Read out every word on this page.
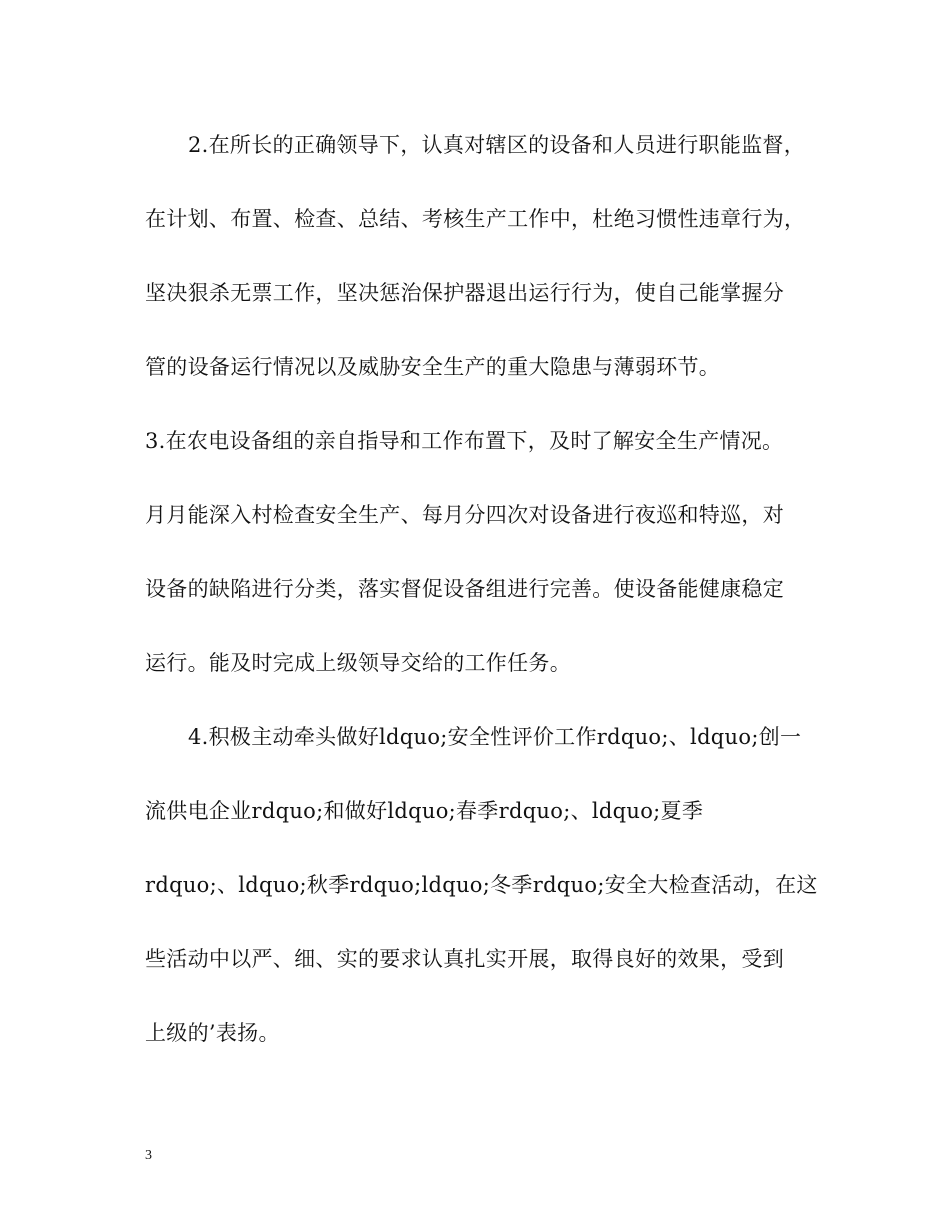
2.在所长的正确领导下，认真对辖区的设备和人员进行职能监督，
在计划、布置、检查、总结、考核生产工作中，杜绝习惯性违章行为，
坚决狠杀无票工作，坚决惩治保护器退出运行行为，使自己能掌握分
管的设备运行情况以及威胁安全生产的重大隐患与薄弱环节。
3.在农电设备组的亲自指导和工作布置下，及时了解安全生产情况。
月月能深入村检查安全生产、每月分四次对设备进行夜巡和特巡，对
设备的缺陷进行分类，落实督促设备组进行完善。使设备能健康稳定
运行。能及时完成上级领导交给的工作任务。
4.积极主动牵头做好ldquo;安全性评价工作rdquo;、ldquo;创一
流供电企业rdquo;和做好ldquo;春季rdquo;、ldquo;夏季
rdquo;、ldquo;秋季rdquo;ldquo;冬季rdquo;安全大检查活动，在这
些活动中以严、细、实的要求认真扎实开展，取得良好的效果，受到
上级的’表扬。
3
